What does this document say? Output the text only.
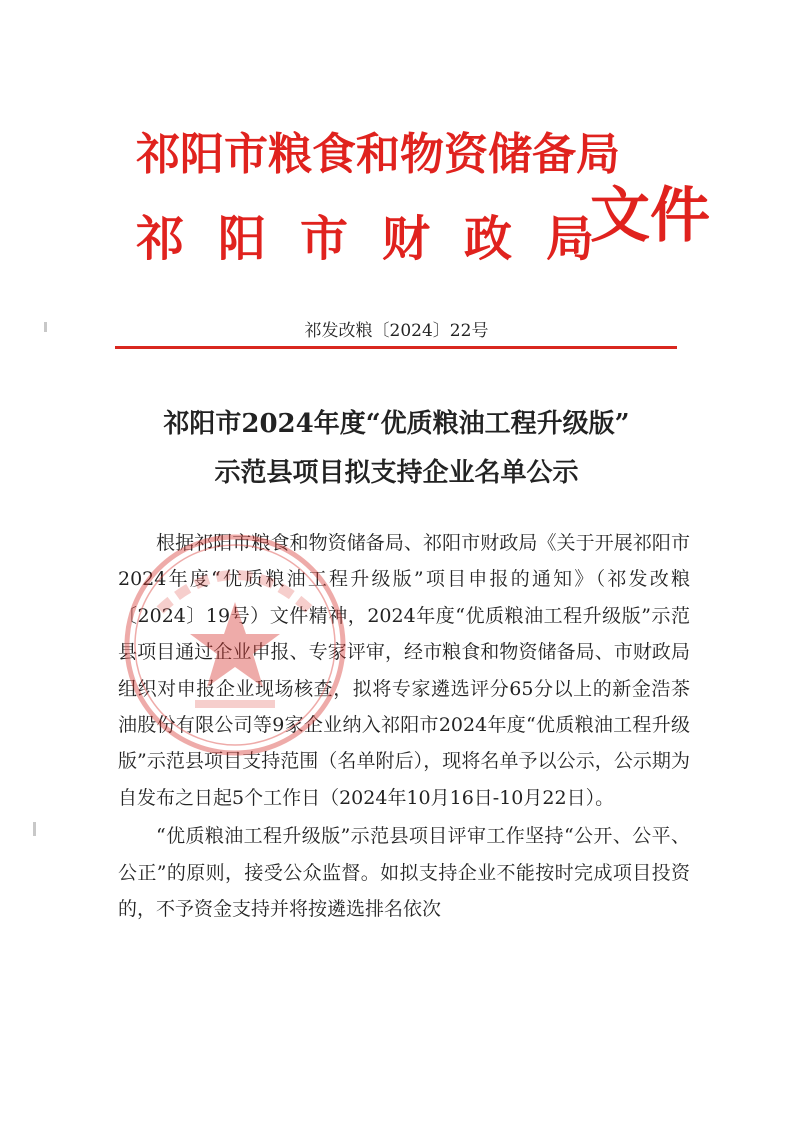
祁阳市粮食和物资储备局
祁阳市财政局
文件
祁发改粮〔2024〕22号
祁阳市2024年度“优质粮油工程升级版”
示范县项目拟支持企业名单公示

根据祁阳市粮食和物资储备局、祁阳市财政局《关于开展祁阳市2024年度“优质粮油工程升级版”项目申报的通知》（祁发改粮〔2024〕19号）文件精神，2024年度“优质粮油工程升级版”示范县项目通过企业申报、专家评审，经市粮食和物资储备局、市财政局组织对申报企业现场核查，拟将专家遴选评分65分以上的新金浩茶油股份有限公司等9家企业纳入祁阳市2024年度“优质粮油工程升级版”示范县项目支持范围（名单附后），现将名单予以公示，公示期为自发布之日起5个工作日（2024年10月16日-10月22日）。

“优质粮油工程升级版”示范县项目评审工作坚持“公开、公平、公正”的原则，接受公众监督。如拟支持企业不能按时完成项目投资的，不予资金支持并将按遴选排名依次
